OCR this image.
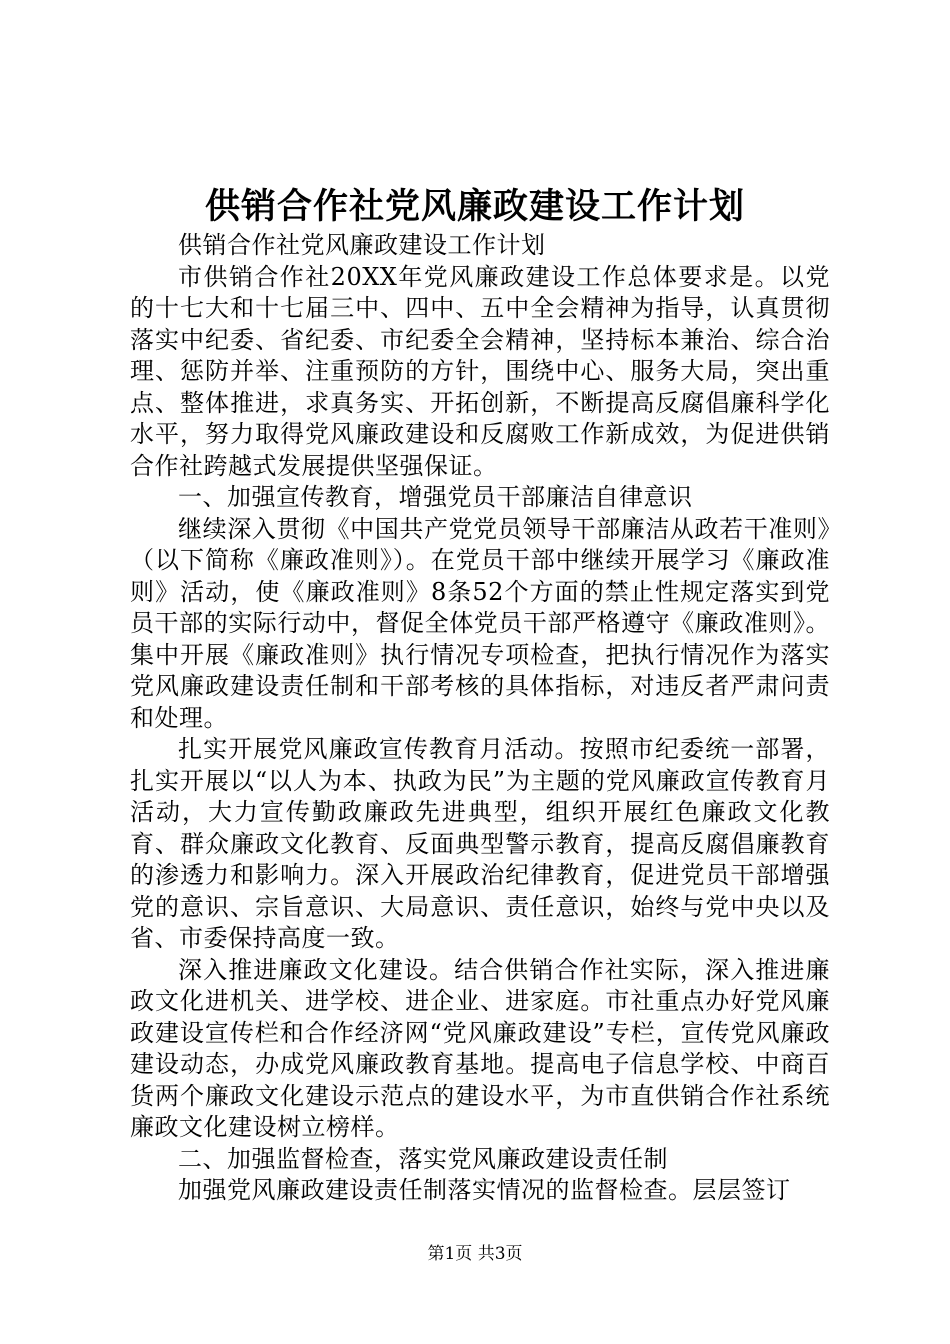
供销合作社党风廉政建设工作计划

供销合作社党风廉政建设工作计划

市供销合作社20XX年党风廉政建设工作总体要求是。以党的十七大和十七届三中、四中、五中全会精神为指导，认真贯彻落实中纪委、省纪委、市纪委全会精神，坚持标本兼治、综合治理、惩防并举、注重预防的方针，围绕中心、服务大局，突出重点、整体推进，求真务实、开拓创新，不断提高反腐倡廉科学化水平，努力取得党风廉政建设和反腐败工作新成效，为促进供销合作社跨越式发展提供坚强保证。

一、加强宣传教育，增强党员干部廉洁自律意识

继续深入贯彻《中国共产党党员领导干部廉洁从政若干准则》（以下简称《廉政准则》）。在党员干部中继续开展学习《廉政准则》活动，使《廉政准则》8条52个方面的禁止性规定落实到党员干部的实际行动中，督促全体党员干部严格遵守《廉政准则》。集中开展《廉政准则》执行情况专项检查，把执行情况作为落实党风廉政建设责任制和干部考核的具体指标，对违反者严肃问责和处理。

扎实开展党风廉政宣传教育月活动。按照市纪委统一部署，扎实开展以“以人为本、执政为民”为主题的党风廉政宣传教育月活动，大力宣传勤政廉政先进典型，组织开展红色廉政文化教育、群众廉政文化教育、反面典型警示教育，提高反腐倡廉教育的渗透力和影响力。深入开展政治纪律教育，促进党员干部增强党的意识、宗旨意识、大局意识、责任意识，始终与党中央以及省、市委保持高度一致。

深入推进廉政文化建设。结合供销合作社实际，深入推进廉政文化进机关、进学校、进企业、进家庭。市社重点办好党风廉政建设宣传栏和合作经济网“党风廉政建设”专栏，宣传党风廉政建设动态，办成党风廉政教育基地。提高电子信息学校、中商百货两个廉政文化建设示范点的建设水平，为市直供销合作社系统廉政文化建设树立榜样。

二、加强监督检查，落实党风廉政建设责任制

加强党风廉政建设责任制落实情况的监督检查。层层签订

第1页 共3页
